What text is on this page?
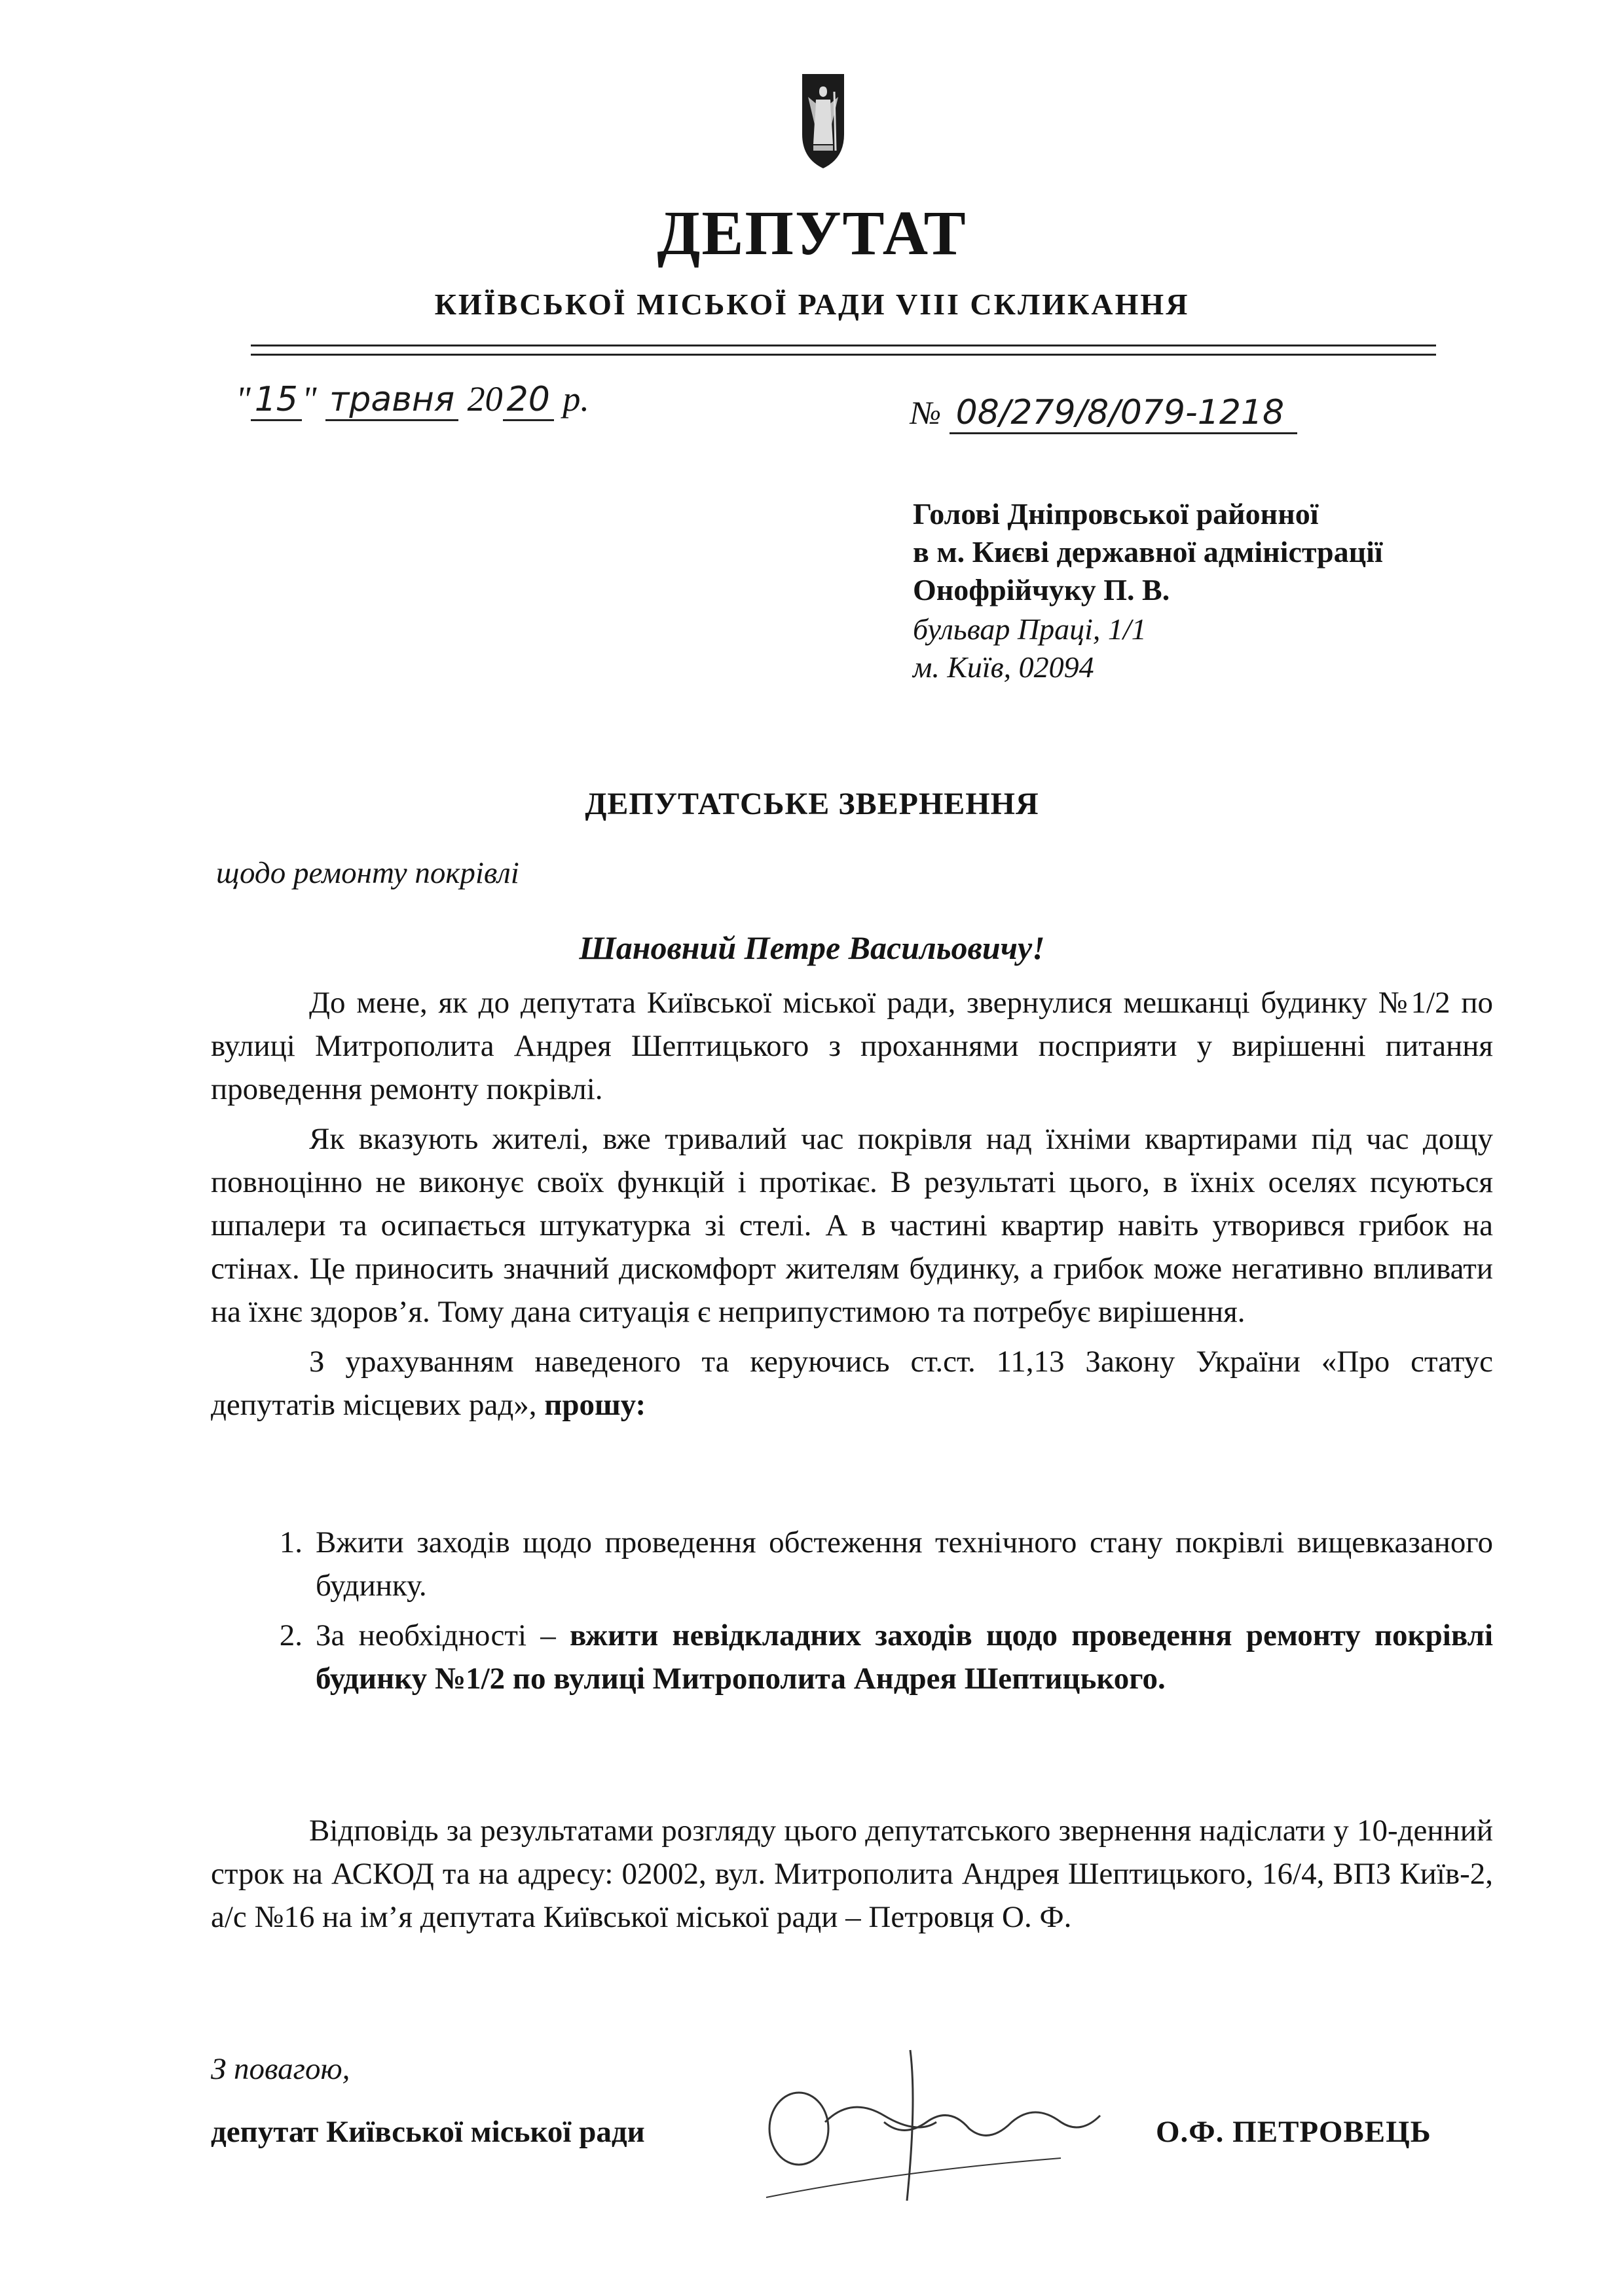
ДЕПУТАТ
КИЇВСЬКОЇ МІСЬКОЇ РАДИ VIII СКЛИКАННЯ
" 15 " травня 20 20 р.	№ 08/279/8/079-1218
Голові Дніпровської районної
в м. Києві державної адміністрації
Онофрійчуку П. В.
бульвар Праці, 1/1
м. Київ, 02094
ДЕПУТАТСЬКЕ ЗВЕРНЕННЯ
щодо ремонту покрівлі
Шановний Петре Васильовичу!

До мене, як до депутата Київської міської ради, звернулися мешканці будинку №1/2 по вулиці Митрополита Андрея Шептицького з проханнями посприяти у вирішенні питання проведення ремонту покрівлі.

Як вказують жителі, вже тривалий час покрівля над їхніми квартирами під час дощу повноцінно не виконує своїх функцій і протікає. В результаті цього, в їхніх оселях псуються шпалери та осипається штукатурка зі стелі. А в частині квартир навіть утворився грибок на стінах. Це приносить значний дискомфорт жителям будинку, а грибок може негативно впливати на їхнє здоров’я. Тому дана ситуація є неприпустимою та потребує вирішення.

З урахуванням наведеного та керуючись ст.ст. 11,13 Закону України «Про статус депутатів місцевих рад», прошу:

1. Вжити заходів щодо проведення обстеження технічного стану покрівлі вищевказаного будинку.
2. За необхідності – вжити невідкладних заходів щодо проведення ремонту покрівлі будинку №1/2 по вулиці Митрополита Андрея Шептицького.

Відповідь за результатами розгляду цього депутатського звернення надіслати у 10-денний строк на АСКОД та на адресу: 02002, вул. Митрополита Андрея Шептицького, 16/4, ВПЗ Київ-2, а/с №16 на ім’я депутата Київської міської ради – Петровця О. Ф.

З повагою,
депутат Київської міської ради	О.Ф. ПЕТРОВЕЦЬ
